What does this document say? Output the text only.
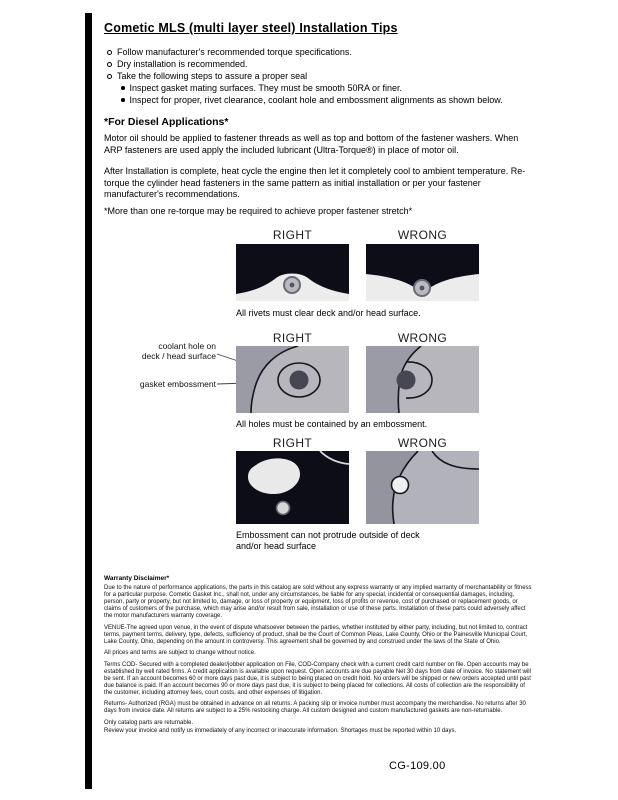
Cometic MLS (multi layer steel) Installation Tips
Follow manufacturer's recommended torque specifications.
Dry installation is recommended.
Take the following steps to assure a proper seal
Inspect gasket mating surfaces. They must be smooth 50RA or finer.
Inspect for proper, rivet clearance, coolant hole and embossment alignments as shown below.
*For Diesel Applications*

Motor oil should be applied to fastener threads as well as top and bottom of the fastener washers. When ARP fasteners are used apply the included lubricant (Ultra-Torque®) in place of motor oil.

After Installation is complete, heat cycle the engine then let it completely cool to ambient temperature. Re-torque the cylinder head fasteners in the same pattern as initial installation or per your fastener manufacturer's recommendations.

*More than one re-torque may be required to achieve proper fastener stretch*

RIGHT	WRONG
All rivets must clear deck and/or head surface.
RIGHT	WRONG
coolant hole on
deck / head surface
gasket embossment
All holes must be contained by an embossment.
RIGHT	WRONG
Embossment can not protrude outside of deck and/or head surface
Warranty Disclaimer*

Due to the nature of performance applications, the parts in this catalog are sold without any express warranty or any implied warranty of merchantability or fitness for a particular purpose. Cometic Gasket Inc., shall not, under any circumstances, be liable for any special, incidental or consequential damages, including, person, party or property, but not limited to, damage, or loss of property or equipment, loss of profits or revenue, cost of purchased or replacement goods, or claims of customers of the purchase, which may arise and/or result from sale, installation or use of these parts. Installation of these parts could adversely affect the motor manufacturers warranty coverage.

VENUE-The agreed upon venue, in the event of dispute whatsoever between the parties, whether instituted by either party, including, but not limited to, contract terms, payment terms, delivery, type, defects, sufficiency of product, shall be the Court of Common Pleas, Lake County, Ohio or the Painesville Municipal Court, Lake County, Ohio, depending on the amount in controversy. This agreement shall be governed by and construed under the laws of the State of Ohio.

All prices and terms are subject to change without notice.

Terms COD- Secured with a completed dealer/jobber application on File, COD-Company check with a current credit card number on file. Open accounts may be established by well rated firms. A credit application is available upon request. Open accounts are due payable Net 30 days from date of invoice. No statement will be sent. If an account becomes 60 or more days past due, it is subject to being placed on credit hold. No orders will be shipped or new orders accepted until past due balance is paid. If an account becomes 90 or more days past due, it is subject to being placed for collections. All costs of collection are the responsibility of the customer, including attorney fees, court costs, and other expenses of litigation.

Returns- Authorized (RGA) must be obtained in advance on all returns. A packing slip or invoice number must accompany the merchandise. No returns after 30 days from invoice date. All returns are subject to a 25% restocking charge. All custom designed and custom manufactured gaskets are non-returnable.

Only catalog parts are returnable.

Review your invoice and notify us immediately of any incorrect or inaccurate information. Shortages must be reported within 10 days.

CG-109.00
